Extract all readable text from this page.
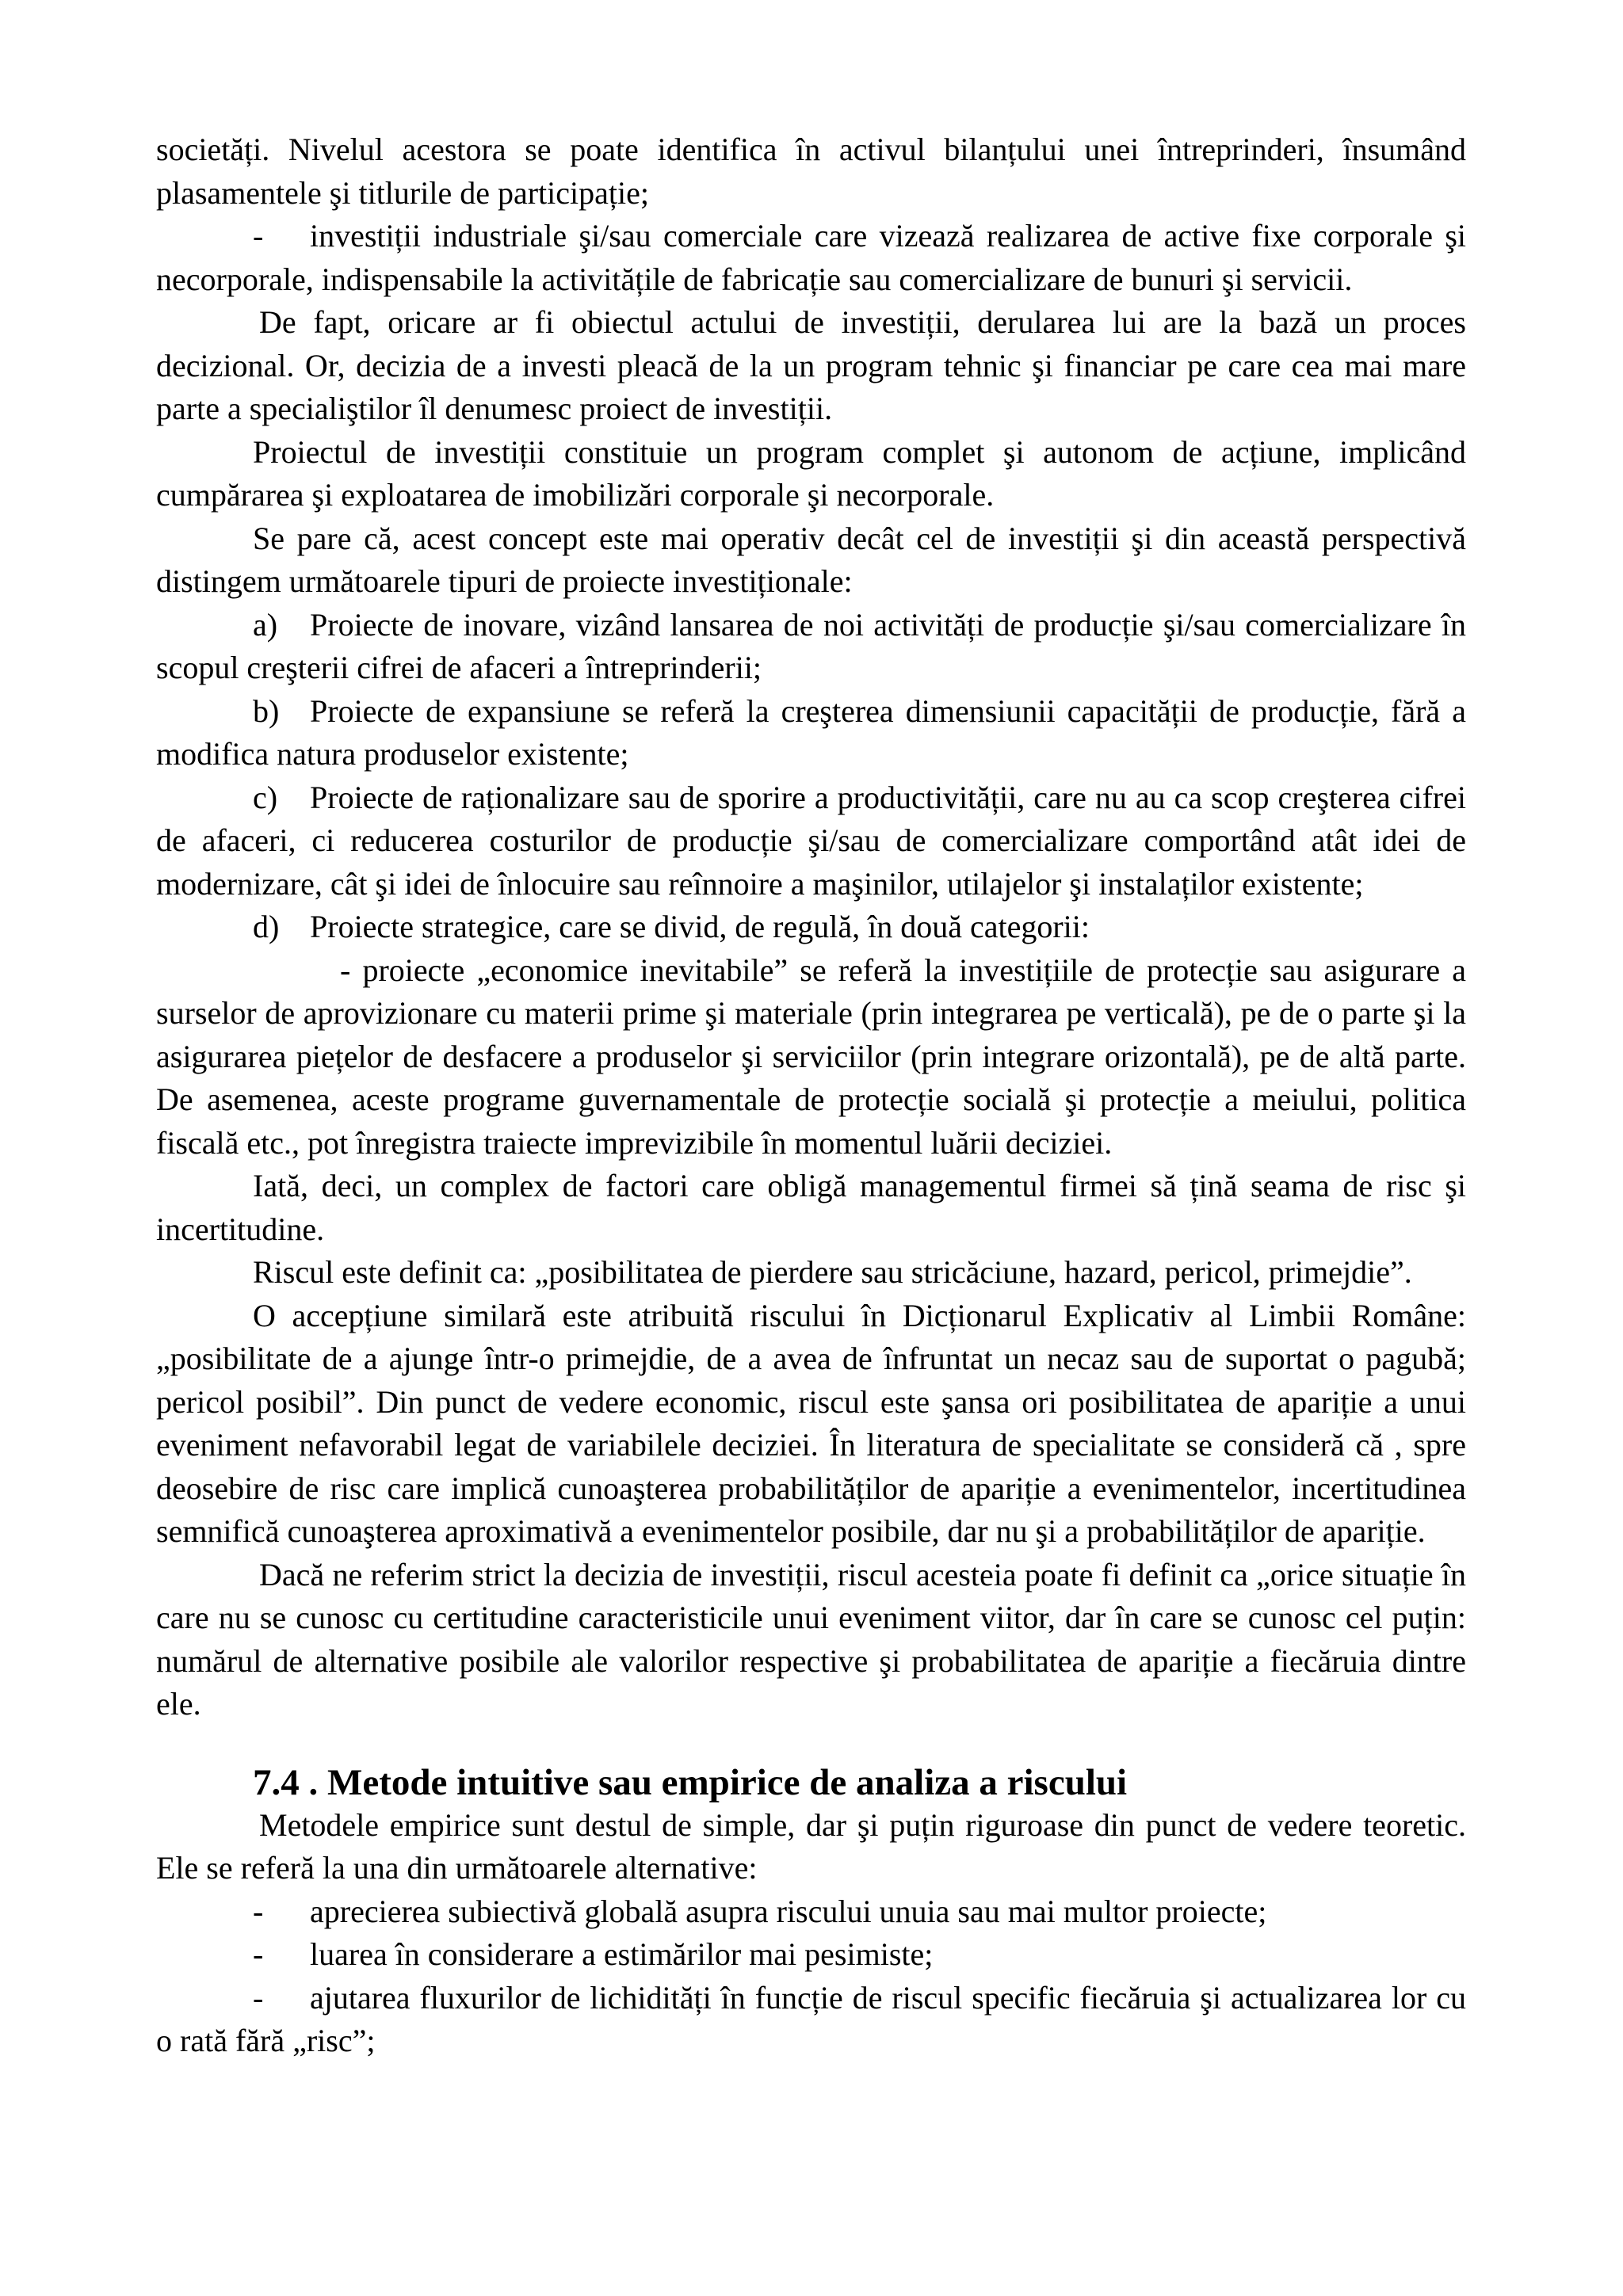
societăți. Nivelul acestora se poate identifica în activul bilanțului unei întreprinderi, însumând plasamentele şi titlurile de participație;

- investiții industriale şi/sau comerciale care vizează realizarea de active fixe corporale şi necorporale, indispensabile la activitățile de fabricație sau comercializare de bunuri şi servicii.

De fapt, oricare ar fi obiectul actului de investiții, derularea lui are la bază un proces decizional. Or, decizia de a investi pleacă de la un program tehnic şi financiar pe care cea mai mare parte a specialiştilor îl denumesc proiect de investiții.

Proiectul de investiții constituie un program complet şi autonom de acțiune, implicând cumpărarea şi exploatarea de imobilizări corporale şi necorporale.

Se pare că, acest concept este mai operativ decât cel de investiții şi din această perspectivă distingem următoarele tipuri de proiecte investiționale:

a) Proiecte de inovare, vizând lansarea de noi activități de producție şi/sau comercializare în scopul creşterii cifrei de afaceri a întreprinderii;

b) Proiecte de expansiune se referă la creşterea dimensiunii capacității de producție, fără a modifica natura produselor existente;

c) Proiecte de raționalizare sau de sporire a productivității, care nu au ca scop creşterea cifrei de afaceri, ci reducerea costurilor de producție şi/sau de comercializare comportând atât idei de modernizare, cât şi idei de înlocuire sau reînnoire a maşinilor, utilajelor şi instalaților existente;

d) Proiecte strategice, care se divid, de regulă, în două categorii:

- proiecte „economice inevitabile” se referă la investițiile de protecție sau asigurare a surselor de aprovizionare cu materii prime şi materiale (prin integrarea pe verticală), pe de o parte şi la asigurarea piețelor de desfacere a produselor şi serviciilor (prin integrare orizontală), pe de altă parte. De asemenea, aceste programe guvernamentale de protecție socială şi protecție a meiului, politica fiscală etc., pot înregistra traiecte imprevizibile în momentul luării deciziei.

Iată, deci, un complex de factori care obligă managementul firmei să țină seama de risc şi incertitudine.

Riscul este definit ca: „posibilitatea de pierdere sau stricăciune, hazard, pericol, primejdie”.

O accepțiune similară este atribuită riscului în Dicționarul Explicativ al Limbii Române: „posibilitate de a ajunge într-o primejdie, de a avea de înfruntat un necaz sau de suportat o pagubă; pericol posibil”. Din punct de vedere economic, riscul este şansa ori posibilitatea de apariție a unui eveniment nefavorabil legat de variabilele deciziei. În literatura de specialitate se consideră că , spre deosebire de risc care implică cunoaşterea probabilităților de apariție a evenimentelor, incertitudinea semnifică cunoaşterea aproximativă a evenimentelor posibile, dar nu şi a probabilităților de apariție.

Dacă ne referim strict la decizia de investiții, riscul acesteia poate fi definit ca „orice situație în care nu se cunosc cu certitudine caracteristicile unui eveniment viitor, dar în care se cunosc cel puțin: numărul de alternative posibile ale valorilor respective şi probabilitatea de apariție a fiecăruia dintre ele.

7.4 . Metode intuitive sau empirice de analiza a riscului

Metodele empirice sunt destul de simple, dar şi puțin riguroase din punct de vedere teoretic. Ele se referă la una din următoarele alternative:

- aprecierea subiectivă globală asupra riscului unuia sau mai multor proiecte;

- luarea în considerare a estimărilor mai pesimiste;

- ajutarea fluxurilor de lichidități în funcție de riscul specific fiecăruia şi actualizarea lor cu o rată fără „risc”;
